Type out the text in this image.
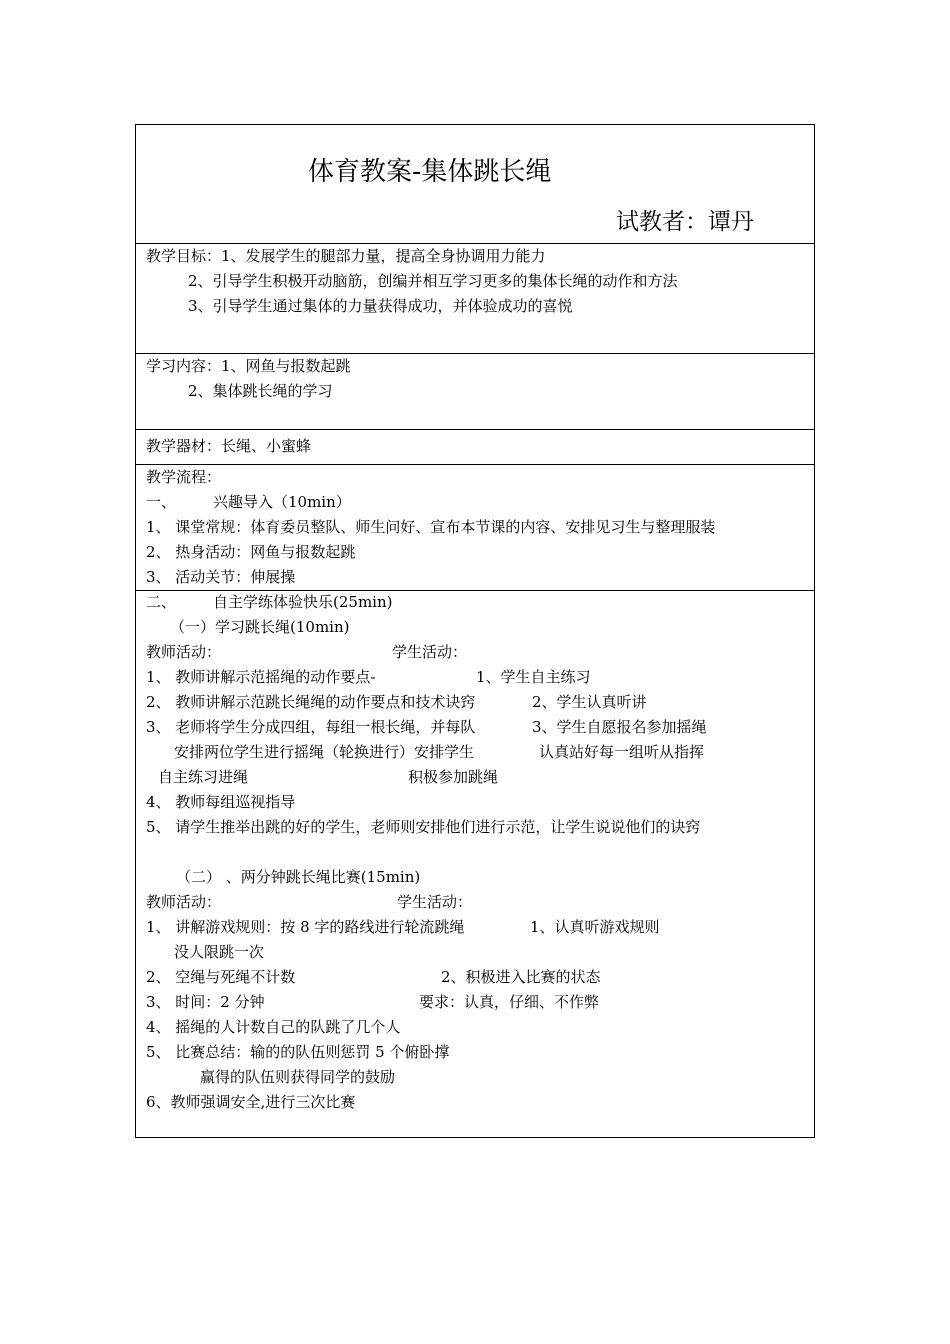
体育教案-集体跳长绳
试教者：谭丹
教学目标：1、发展学生的腿部力量，提高全身协调用力能力
2、引导学生积极开动脑筋，创编并相互学习更多的集体长绳的动作和方法
3、引导学生通过集体的力量获得成功，并体验成功的喜悦
学习内容：1、网鱼与报数起跳
2、集体跳长绳的学习
教学器材：长绳、小蜜蜂
教学流程：
一、 兴趣导入（10min）
1、 课堂常规：体育委员整队、师生问好、宣布本节课的内容、安排见习生与整理服装
2、 热身活动：网鱼与报数起跳
3、 活动关节：伸展操
二、 自主学练体验快乐(25min)
（一）学习跳长绳(10min)
教师活动：	学生活动：
1、 教师讲解示范摇绳的动作要点-	1、学生自主练习
2、 教师讲解示范跳长绳绳的动作要点和技术诀窍	2、学生认真听讲
3、 老师将学生分成四组，每组一根长绳，并每队	3、学生自愿报名参加摇绳
安排两位学生进行摇绳（轮换进行）安排学生	认真站好每一组听从指挥
自主练习进绳	积极参加跳绳
4、 教师每组巡视指导
5、 请学生推举出跳的好的学生，老师则安排他们进行示范，让学生说说他们的诀窍
（二） 、两分钟跳长绳比赛(15min)
教师活动：	学生活动：
1、 讲解游戏规则：按 8 字的路线进行轮流跳绳	1、认真听游戏规则
没人限跳一次
2、 空绳与死绳不计数	2、积极进入比赛的状态
3、 时间：2 分钟	要求：认真，仔细、不作弊
4、 摇绳的人计数自己的队跳了几个人
5、 比赛总结：输的的队伍则惩罚 5 个俯卧撑
赢得的队伍则获得同学的鼓励
6、教师强调安全,进行三次比赛
